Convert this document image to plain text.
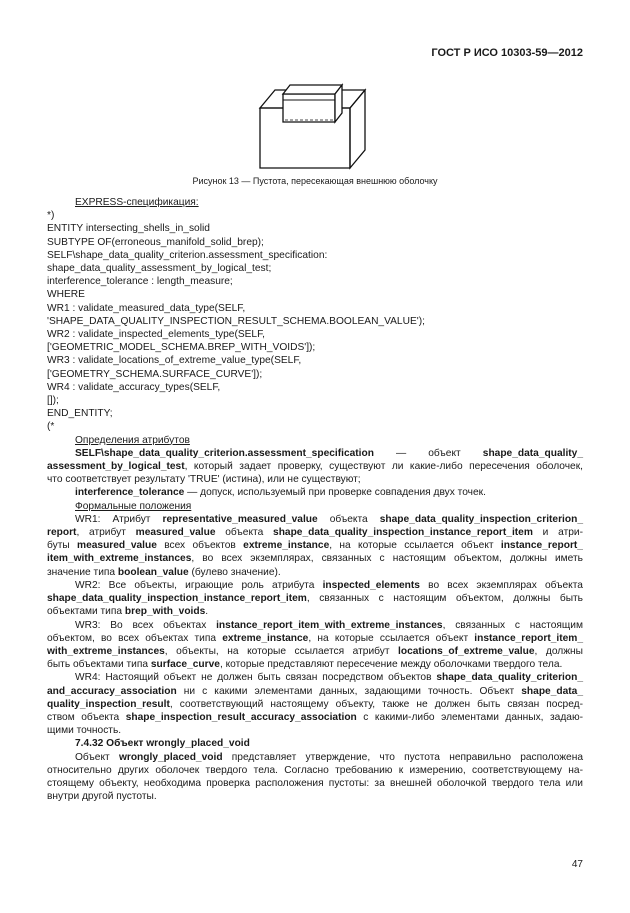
ГОСТ Р ИСО 10303-59—2012
Рисунок 13 — Пустота, пересекающая внешнюю оболочку
EXPRESS-спецификация:
*)
ENTITY intersecting_shells_in_solid
SUBTYPE OF(erroneous_manifold_solid_brep);
SELF\shape_data_quality_criterion.assessment_specification:
shape_data_quality_assessment_by_logical_test;
interference_tolerance : length_measure;
WHERE
WR1 : validate_measured_data_type(SELF,
'SHAPE_DATA_QUALITY_INSPECTION_RESULT_SCHEMA.BOOLEAN_VALUE');
WR2 : validate_inspected_elements_type(SELF,
['GEOMETRIC_MODEL_SCHEMA.BREP_WITH_VOIDS']);
WR3 : validate_locations_of_extreme_value_type(SELF,
['GEOMETRY_SCHEMA.SURFACE_CURVE']);
WR4 : validate_accuracy_types(SELF,
[]);
END_ENTITY;
(*
Определения атрибутов
SELF\shape_data_quality_criterion.assessment_specification — объект shape_data_quality_
assessment_by_logical_test, который задает проверку, существуют ли какие-либо пересечения оболочек,
что соответствует результату 'TRUE' (истина), или не существуют;
interference_tolerance — допуск, используемый при проверке совпадения двух точек.
Формальные положения
WR1: Атрибут representative_measured_value объекта shape_data_quality_inspection_criterion_
report, атрибут measured_value объекта shape_data_quality_inspection_instance_report_item и атри-
буты measured_value всех объектов extreme_instance, на которые ссылается объект instance_report_
item_with_extreme_instances, во всех экземплярах, связанных с настоящим объектом, должны иметь
значение типа boolean_value (булево значение).
WR2: Все объекты, играющие роль атрибута inspected_elements во всех экземплярах объекта
shape_data_quality_inspection_instance_report_item, связанных с настоящим объектом, должны быть
объектами типа brep_with_voids.
WR3: Во всех объектах instance_report_item_with_extreme_instances, связанных с настоящим
объектом, во всех объектах типа extreme_instance, на которые ссылается объект instance_report_item_
with_extreme_instances, объекты, на которые ссылается атрибут locations_of_extreme_value, должны
быть объектами типа surface_curve, которые представляют пересечение между оболочками твердого тела.
WR4: Настоящий объект не должен быть связан посредством объектов shape_data_quality_criterion_
and_accuracy_association ни с какими элементами данных, задающими точность. Объект shape_data_
quality_inspection_result, соответствующий настоящему объекту, также не должен быть связан посред-
ством объекта shape_inspection_result_accuracy_association с какими-либо элементами данных, задаю-
щими точность.
7.4.32 Объект wrongly_placed_void
Объект wrongly_placed_void представляет утверждение, что пустота неправильно расположена
относительно других оболочек твердого тела. Согласно требованию к измерению, соответствующему на-
стоящему объекту, необходима проверка расположения пустоты: за внешней оболочкой твердого тела или
внутри другой пустоты.
47
